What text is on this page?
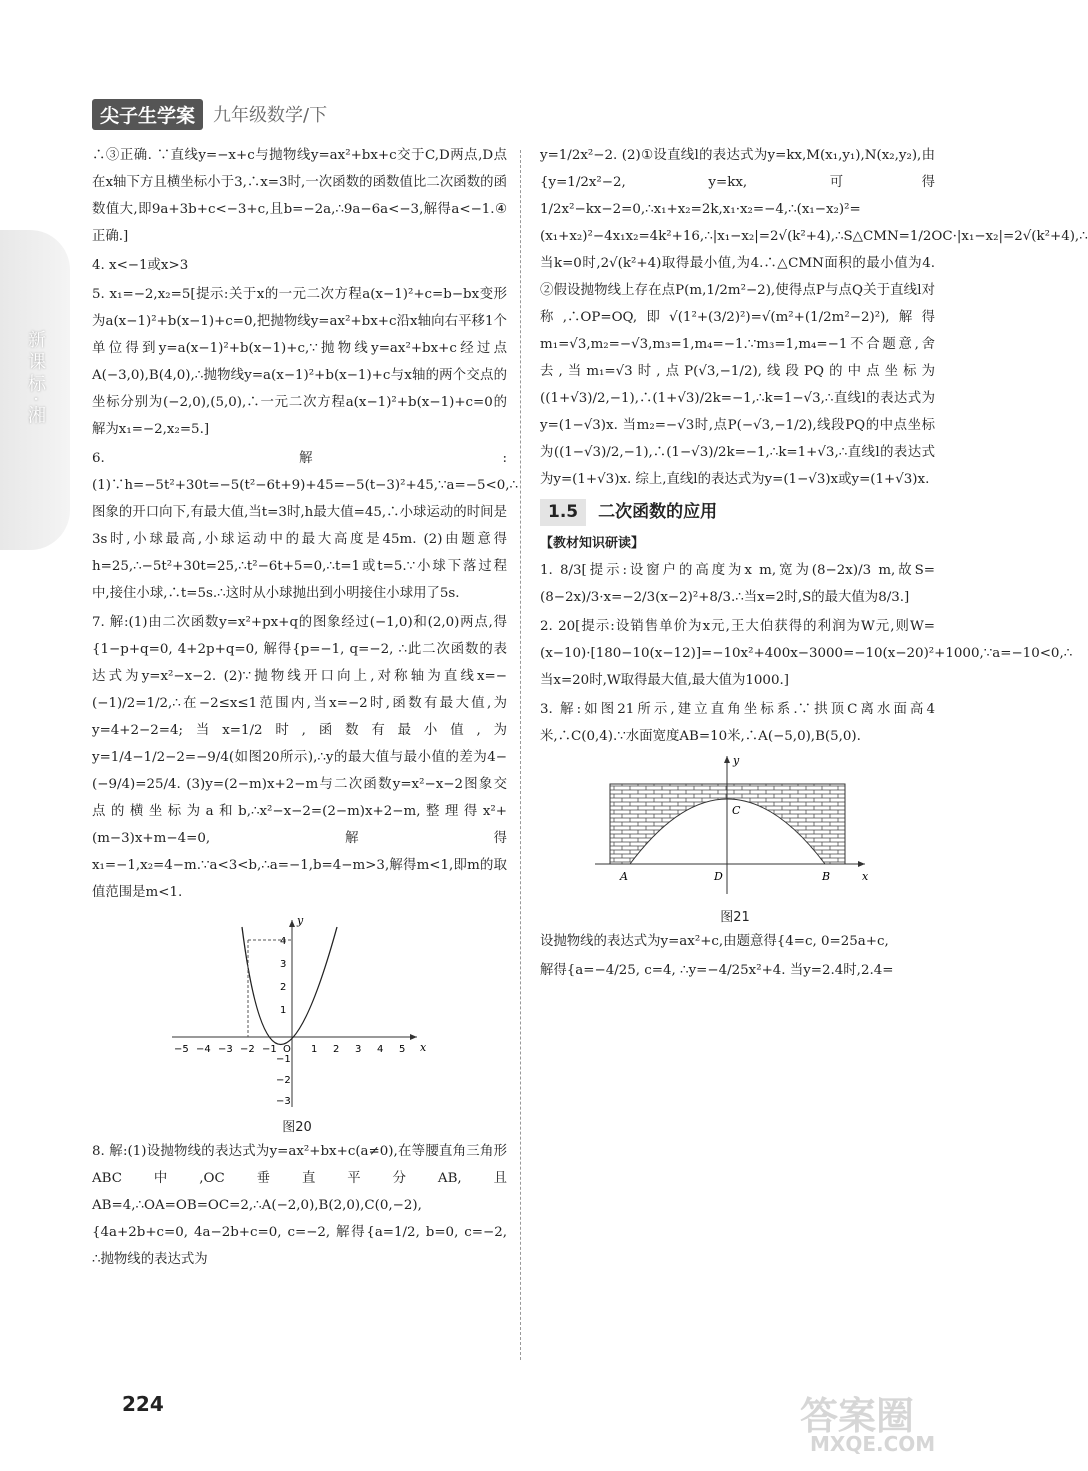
新课标·湘
尖子生学案	九年级数学/下

∴③正确. ∵直线y=−x+c与抛物线y=ax²+bx+c交于C,D两点,D点在x轴下方且横坐标小于3,∴x=3时,一次函数的函数值比二次函数的函数值大,即9a+3b+c<−3+c,且b=−2a,∴9a−6a<−3,解得a<−1.④正确.]

4. x<−1或x>3

5. x₁=−2,x₂=5[提示:关于x的一元二次方程a(x−1)²+c=b−bx变形为a(x−1)²+b(x−1)+c=0,把抛物线y=ax²+bx+c沿x轴向右平移1个单位得到y=a(x−1)²+b(x−1)+c,∵抛物线y=ax²+bx+c经过点A(−3,0),B(4,0),∴抛物线y=a(x−1)²+b(x−1)+c与x轴的两个交点的坐标分别为(−2,0),(5,0),∴一元二次方程a(x−1)²+b(x−1)+c=0的解为x₁=−2,x₂=5.]

6. 解:(1)∵h=−5t²+30t=−5(t²−6t+9)+45=−5(t−3)²+45,∵a=−5<0,∴图象的开口向下,有最大值,当t=3时,h最大值=45,∴小球运动的时间是3s时,小球最高,小球运动中的最大高度是45m. (2)由题意得h=25,∴−5t²+30t=25,∴t²−6t+5=0,∴t=1或t=5.∵小球下落过程中,接住小球,∴t=5s.∴这时从小球抛出到小明接住小球用了5s.

7. 解:(1)由二次函数y=x²+px+q的图象经过(−1,0)和(2,0)两点,得{1−p+q=0, 4+2p+q=0, 解得{p=−1, q=−2, ∴此二次函数的表达式为y=x²−x−2. (2)∵抛物线开口向上,对称轴为直线x=−(−1)/2=1/2,∴在−2≤x≤1范围内,当x=−2时,函数有最大值,为y=4+2−2=4;当x=1/2时,函数有最小值,为y=1/4−1/2−2=−9/4(如图20所示),∴y的最大值与最小值的差为4−(−9/4)=25/4. (3)y=(2−m)x+2−m与二次函数y=x²−x−2图象交点的横坐标为a和b,∴x²−x−2=(2−m)x+2−m,整理得x²+(m−3)x+m−4=0,解得x₁=−1,x₂=4−m.∵a<3<b,∴a=−1,b=4−m>3,解得m<1,即m的取值范围是m<1.

x
y
−5 −4 −3 −2 −1 O 1 2 3 4 5
4
3
2
1
−1
−2
−3
图20

8. 解:(1)设抛物线的表达式为y=ax²+bx+c(a≠0),在等腰直角三角形ABC中,OC垂直平分AB,且AB=4,∴OA=OB=OC=2,∴A(−2,0),B(2,0),C(0,−2),{4a+2b+c=0, 4a−2b+c=0, c=−2, 解得{a=1/2, b=0, c=−2, ∴抛物线的表达式为

y=1/2x²−2. (2)①设直线l的表达式为y=kx,M(x₁,y₁),N(x₂,y₂),由{y=1/2x²−2, y=kx, 可得1/2x²−kx−2=0,∴x₁+x₂=2k,x₁·x₂=−4,∴(x₁−x₂)²=(x₁+x₂)²−4x₁x₂=4k²+16,∴|x₁−x₂|=2√(k²+4),∴S△CMN=1/2OC·|x₁−x₂|=2√(k²+4),∴当k=0时,2√(k²+4)取得最小值,为4.∴△CMN面积的最小值为4. ②假设抛物线上存在点P(m,1/2m²−2),使得点P与点Q关于直线l对称,∴OP=OQ,即√(1²+(3/2)²)=√(m²+(1/2m²−2)²),解得m₁=√3,m₂=−√3,m₃=1,m₄=−1.∵m₃=1,m₄=−1不合题意,舍去,当m₁=√3时,点P(√3,−1/2),线段PQ的中点坐标为((1+√3)/2,−1),∴(1+√3)/2k=−1,∴k=1−√3,∴直线l的表达式为y=(1−√3)x. 当m₂=−√3时,点P(−√3,−1/2),线段PQ的中点坐标为((1−√3)/2,−1),∴(1−√3)/2k=−1,∴k=1+√3,∴直线l的表达式为y=(1+√3)x. 综上,直线l的表达式为y=(1−√3)x或y=(1+√3)x.

1.5	二次函数的应用
【教材知识研读】

1. 8/3[提示:设窗户的高度为x m,宽为(8−2x)/3 m,故S=(8−2x)/3·x=−2/3(x−2)²+8/3.∴当x=2时,S的最大值为8/3.]

2. 20[提示:设销售单价为x元,王大伯获得的利润为W元,则W=(x−10)·[180−10(x−12)]=−10x²+400x−3000=−10(x−20)²+1000,∵a=−10<0,∴当x=20时,W取得最大值,最大值为1000.]

3. 解:如图21所示,建立直角坐标系.∵拱顶C离水面高4米,∴C(0,4).∵水面宽度AB=10米,∴A(−5,0),B(5,0).

A	D
C
B	x
y
图21

设抛物线的表达式为y=ax²+c,由题意得{4=c, 0=25a+c,

解得{a=−4/25, c=4, ∴y=−4/25x²+4. 当y=2.4时,2.4=

224	答案圈
MXQE.COM
